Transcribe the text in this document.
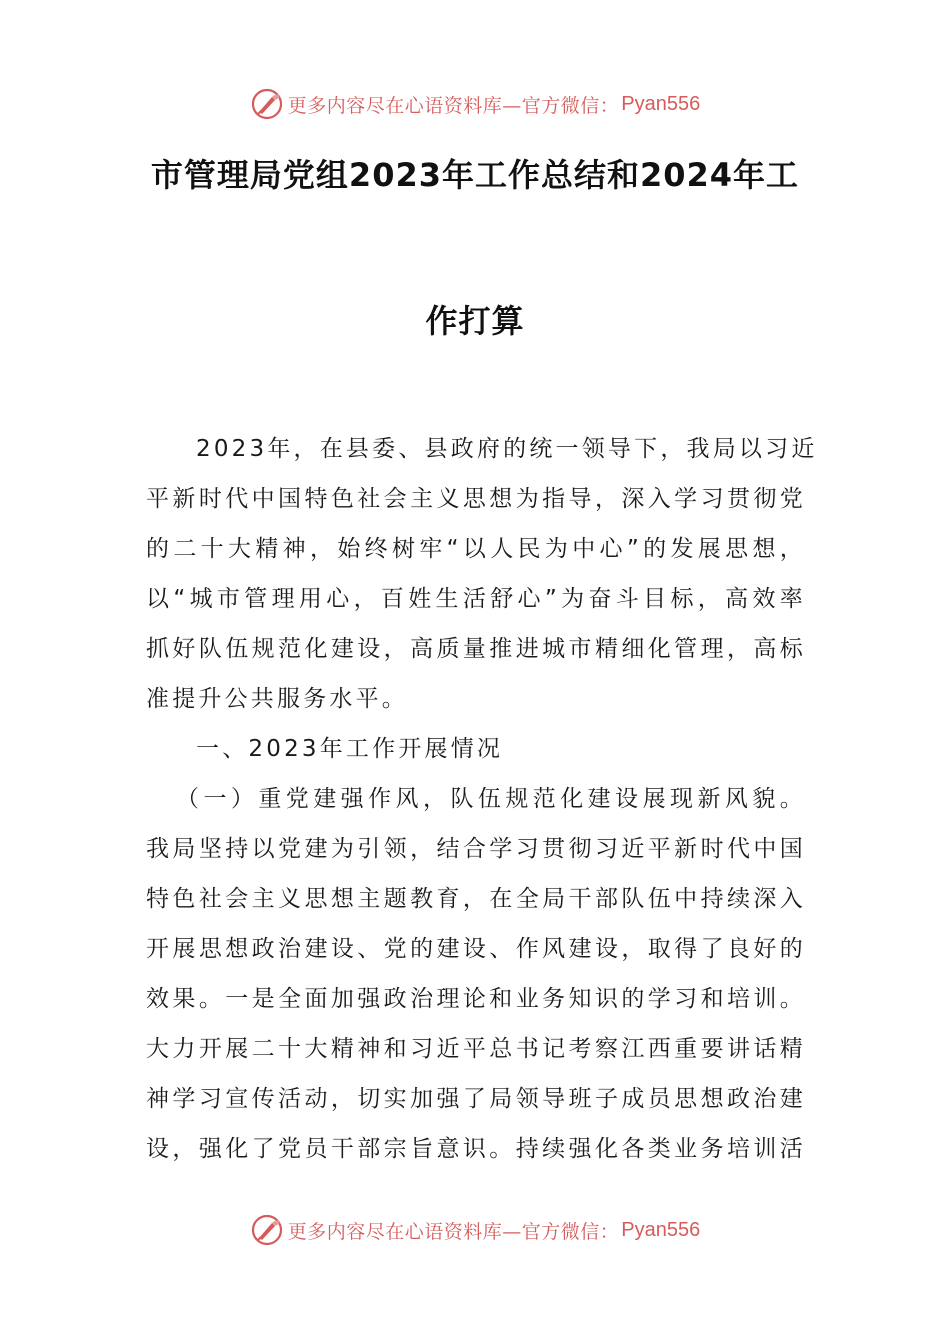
更多内容尽在心语资料库—官方微信： Pyan556
市管理局党组2023年工作总结和2024年工
作打算
2023年，在县委、县政府的统一领导下，我局以习近
平新时代中国特色社会主义思想为指导，深入学习贯彻党
的二十大精神，始终树牢“以人民为中心”的发展思想，
以“城市管理用心，百姓生活舒心”为奋斗目标，高效率
抓好队伍规范化建设，高质量推进城市精细化管理，高标
准提升公共服务水平。
一、2023年工作开展情况
（一）重党建强作风，队伍规范化建设展现新风貌。
我局坚持以党建为引领，结合学习贯彻习近平新时代中国
特色社会主义思想主题教育，在全局干部队伍中持续深入
开展思想政治建设、党的建设、作风建设，取得了良好的
效果。一是全面加强政治理论和业务知识的学习和培训。
大力开展二十大精神和习近平总书记考察江西重要讲话精
神学习宣传活动，切实加强了局领导班子成员思想政治建
设，强化了党员干部宗旨意识。持续强化各类业务培训活
更多内容尽在心语资料库—官方微信： Pyan556
